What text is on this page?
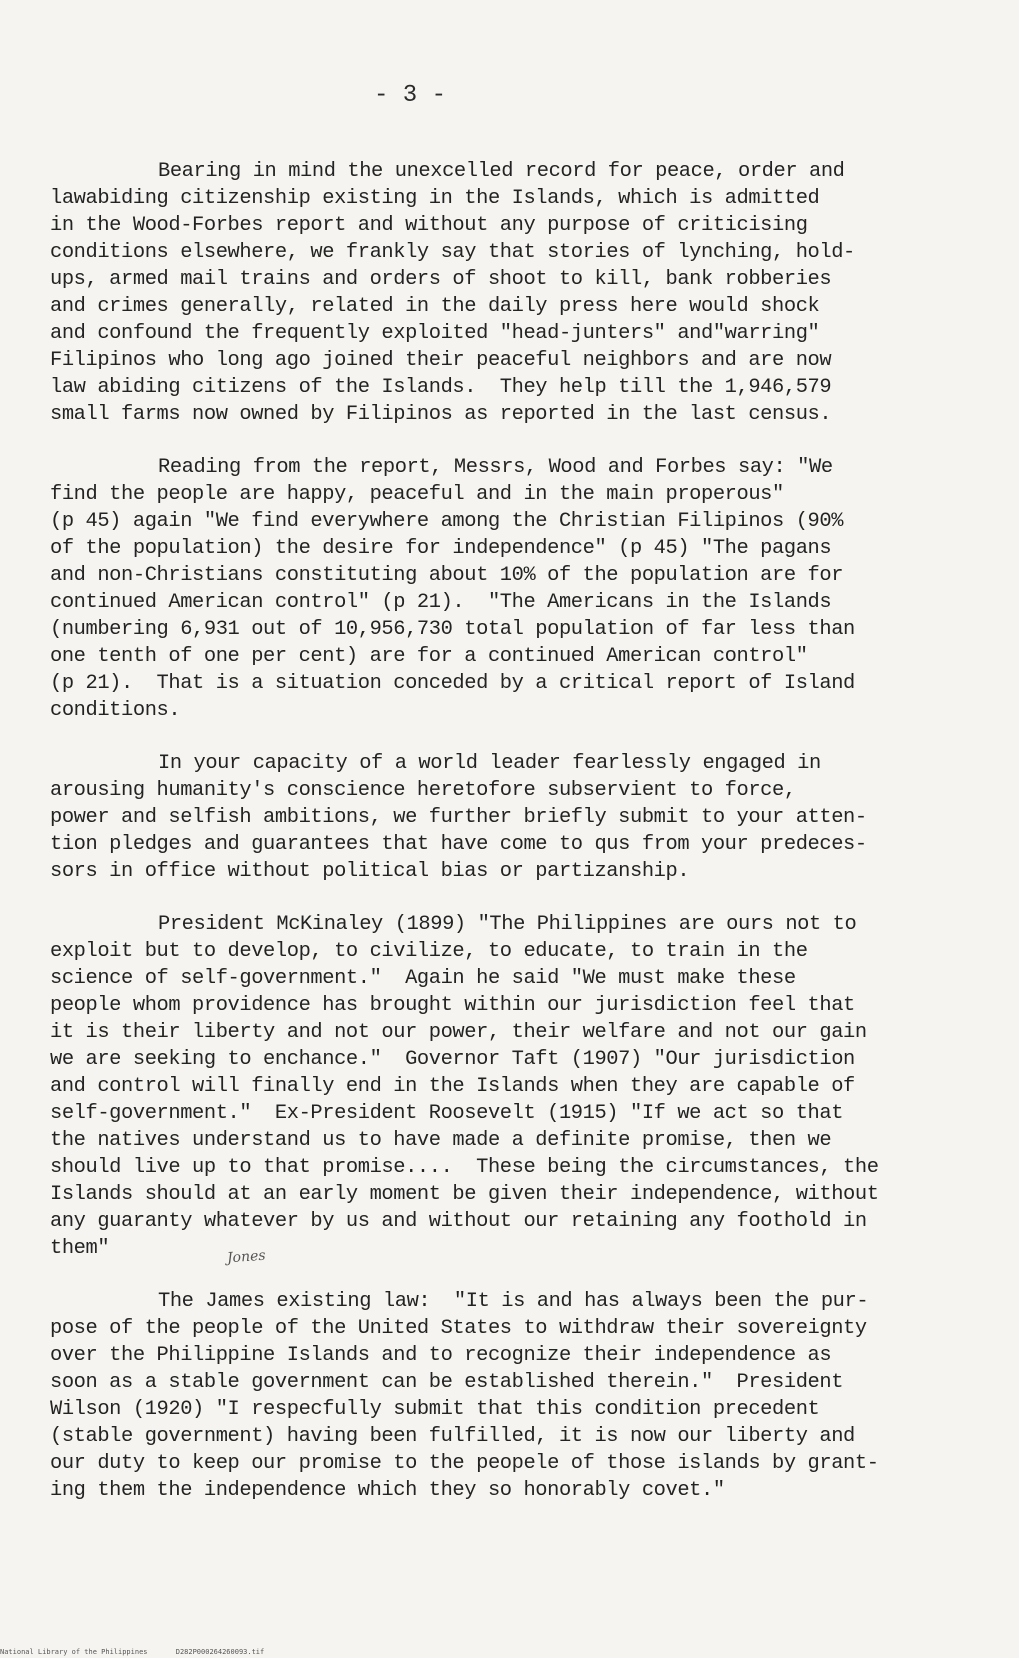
- 3 -
Jones
Bearing in mind the unexcelled record for peace, order and
lawabiding citizenship existing in the Islands, which is admitted
in the Wood-Forbes report and without any purpose of criticising
conditions elsewhere, we frankly say that stories of lynching, hold-
ups, armed mail trains and orders of shoot to kill, bank robberies
and crimes generally, related in the daily press here would shock
and confound the frequently exploited "head-junters" and"warring"
Filipinos who long ago joined their peaceful neighbors and are now
law abiding citizens of the Islands.  They help till the 1,946,579
small farms now owned by Filipinos as reported in the last census.
Reading from the report, Messrs, Wood and Forbes say: "We
find the people are happy, peaceful and in the main properous"
(p 45) again "We find everywhere among the Christian Filipinos (90%
of the population) the desire for independence" (p 45) "The pagans
and non-Christians constituting about 10% of the population are for
continued American control" (p 21).  "The Americans in the Islands
(numbering 6,931 out of 10,956,730 total population of far less than
one tenth of one per cent) are for a continued American control"
(p 21).  That is a situation conceded by a critical report of Island
conditions.
In your capacity of a world leader fearlessly engaged in
arousing humanity's conscience heretofore subservient to force,
power and selfish ambitions, we further briefly submit to your atten-
tion pledges and guarantees that have come to qus from your predeces-
sors in office without political bias or partizanship.
President McKinaley (1899) "The Philippines are ours not to
exploit but to develop, to civilize, to educate, to train in the
science of self-government."  Again he said "We must make these
people whom providence has brought within our jurisdiction feel that
it is their liberty and not our power, their welfare and not our gain
we are seeking to enchance."  Governor Taft (1907) "Our jurisdiction
and control will finally end in the Islands when they are capable of
self-government."  Ex-President Roosevelt (1915) "If we act so that
the natives understand us to have made a definite promise, then we
should live up to that promise....  These being the circumstances, the
Islands should at an early moment be given their independence, without
any guaranty whatever by us and without our retaining any foothold in
them"
The James existing law:  "It is and has always been the pur-
pose of the people of the United States to withdraw their sovereignty
over the Philippine Islands and to recognize their independence as
soon as a stable government can be established therein."  President
Wilson (1920) "I respecfully submit that this condition precedent
(stable government) having been fulfilled, it is now our liberty and
our duty to keep our promise to the peopele of those islands by grant-
ing them the independence which they so honorably covet."
National Library of the Philippines	D282P000264260093.tif
